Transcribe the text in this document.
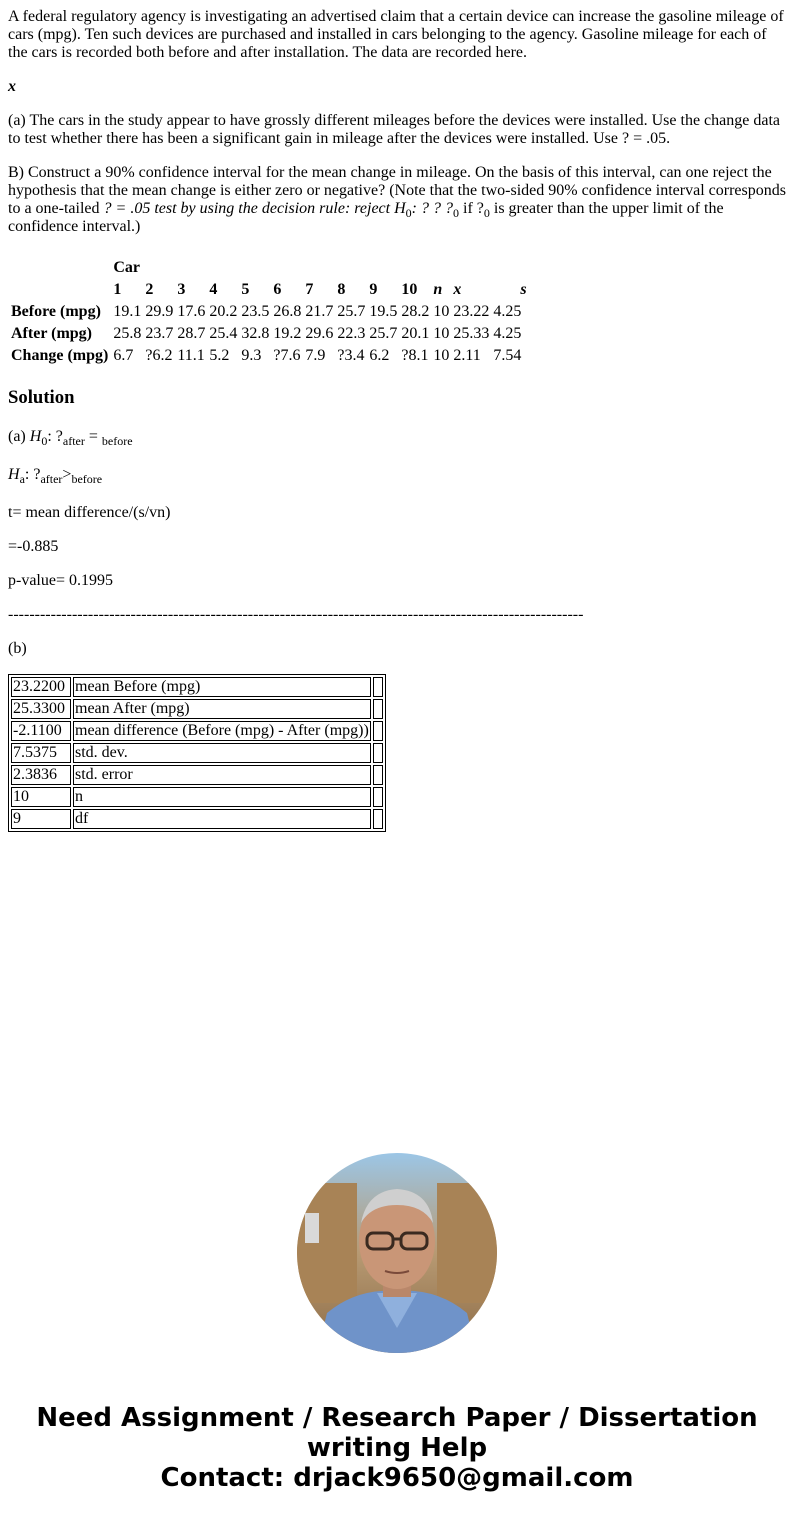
A federal regulatory agency is investigating an advertised claim that a certain device can increase the gasoline mileage of cars (mpg). Ten such devices are purchased and installed in cars belonging to the agency. Gasoline mileage for each of the cars is recorded both before and after installation. The data are recorded here.

x

(a) The cars in the study appear to have grossly different mileages before the devices were installed. Use the change data to test whether there has been a significant gain in mileage after the devices were installed. Use ? = .05.

B) Construct a 90% confidence interval for the mean change in mileage. On the basis of this interval, can one reject the hypothesis that the mean change is either zero or negative? (Note that the two-sided 90% confidence interval corresponds to a one-tailed ? = .05 test by using the decision rule: reject $H_0$: ? ? $?_0$ if $?_0$ is greater than the upper limit of the confidence interval.)

	Car												
	1	2	3	4	5	6	7	8	9	10	n	x	s
Before (mpg)	19.1	29.9	17.6	20.2	23.5	26.8	21.7	25.7	19.5	28.2	10	23.22	4.25
After (mpg)	25.8	23.7	28.7	25.4	32.8	19.2	29.6	22.3	25.7	20.1	10	25.33	4.25
Change (mpg)	6.7	?6.2	11.1	5.2	9.3	?7.6	7.9	?3.4	6.2	?8.1	10	2.11	7.54
Solution

(a) $H_0$: $?_{after} = _{before}$

$H_a$: $?_{after}>_{before}$

t= mean difference/(s/vn)

=-0.885

p-value= 0.1995

------------------------------------------------------------------------------------------------------------

(b)

23.2200	mean Before (mpg)	
25.3300	mean After (mpg)	
-2.1100	mean difference (Before (mpg) - After (mpg))	
7.5375	std. dev.	
2.3836	std. error	
10	n	
9	df	
Need Assignment / Research Paper / Dissertation
writing Help
Contact: drjack9650@gmail.com
